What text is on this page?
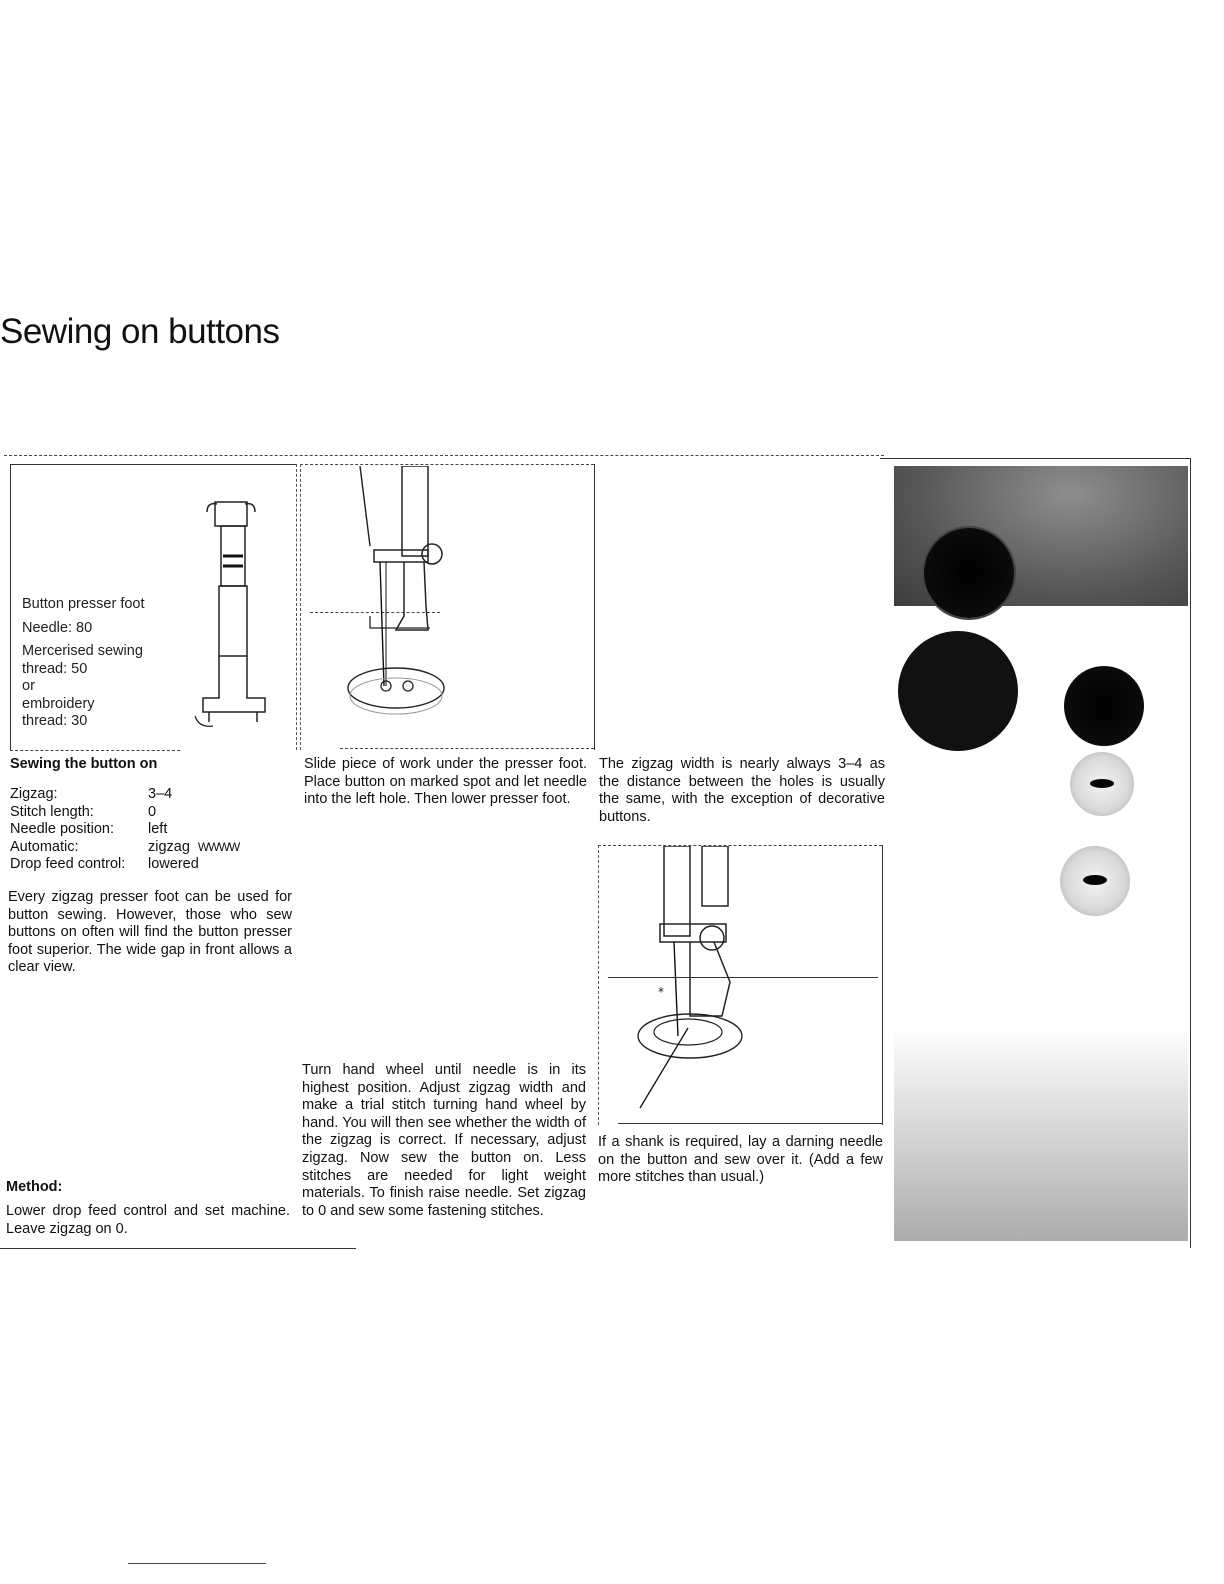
Sewing on buttons
Button presser foot
Needle: 80
Mercerised sewing
thread: 50
or
embroidery
thread: 30
Sewing the button on
Zigzag:	3–4
Stitch length:	0
Needle position:	left
Automatic:	zigzag WWWW
Drop feed control:	lowered
Every zigzag presser foot can be used for button sewing. However, those who sew buttons on often will find the button presser foot superior. The wide gap in front allows a clear view.
Method:
Lower drop feed control and set machine. Leave zigzag on 0.
Slide piece of work under the presser foot. Place button on marked spot and let needle into the left hole. Then lower presser foot.
Turn hand wheel until needle is in its highest position. Adjust zigzag width and make a trial stitch turning hand wheel by hand. You will then see whether the width of the zigzag is correct. If necessary, adjust zigzag. Now sew the button on. Less stitches are needed for light weight materials. To finish raise needle. Set zigzag to 0 and sew some fastening stitches.
The zigzag width is nearly always 3–4 as the distance between the holes is usually the same, with the exception of decorative buttons.
*
If a shank is required, lay a darning needle on the button and sew over it. (Add a few more stitches than usual.)
